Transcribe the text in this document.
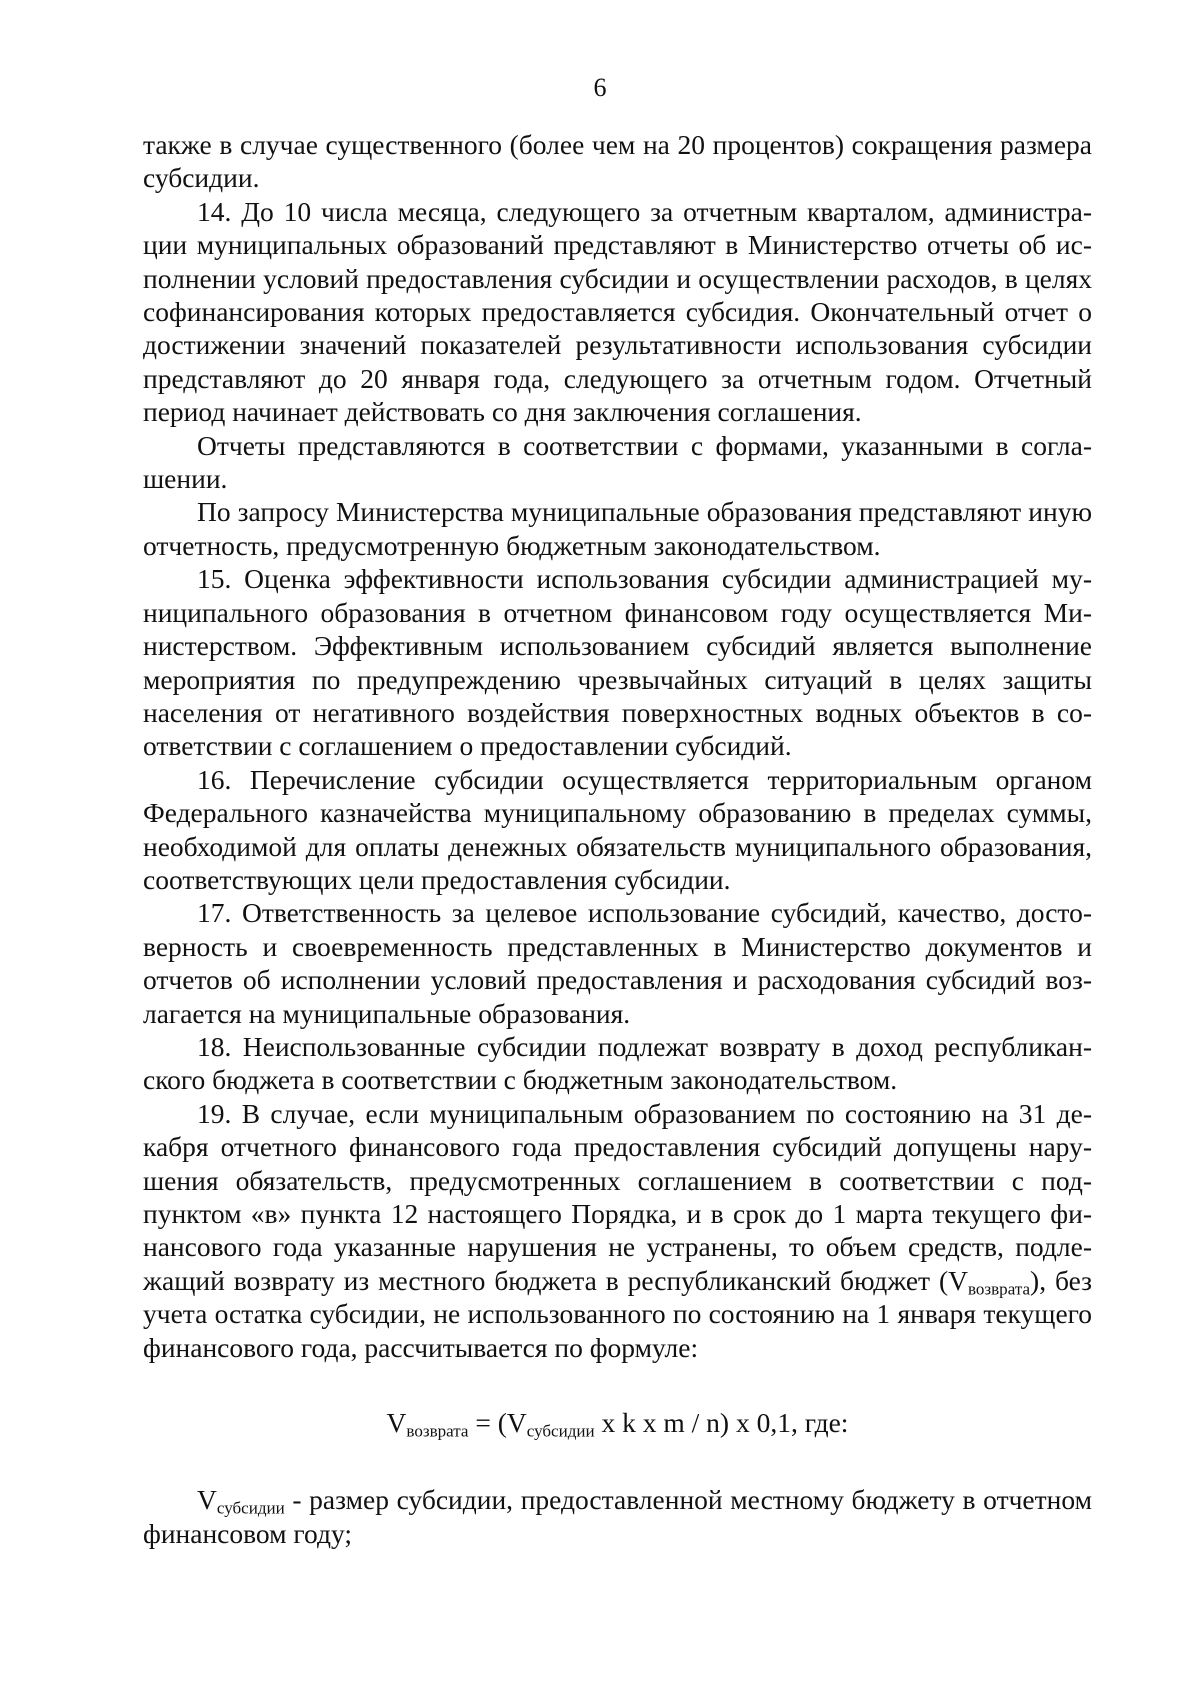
6

также в случае существенного (более чем на 20 процентов) сокращения размера субсидии.

14. До 10 числа месяца, следующего за отчетным кварталом, администрации муниципальных образований представляют в Министерство отчеты об исполнении условий предоставления субсидии и осуществлении расходов, в целях софинансирования которых предоставляется субсидия. Окончательный отчет о достижении значений показателей результативности использования субсидии представляют до 20 января года, следующего за отчетным годом. Отчетный период начинает действовать со дня заключения соглашения.

Отчеты представляются в соответствии с формами, указанными в соглашении.

По запросу Министерства муниципальные образования представляют иную отчетность, предусмотренную бюджетным законодательством.

15. Оценка эффективности использования субсидии администрацией муниципального образования в отчетном финансовом году осуществляется Министерством. Эффективным использованием субсидий является выполнение мероприятия по предупреждению чрезвычайных ситуаций в целях защиты населения от негативного воздействия поверхностных водных объектов в соответствии с соглашением о предоставлении субсидий.

16. Перечисление субсидии осуществляется территориальным органом Федерального казначейства муниципальному образованию в пределах суммы, необходимой для оплаты денежных обязательств муниципального образования, соответствующих цели предоставления субсидии.

17. Ответственность за целевое использование субсидий, качество, достоверность и своевременность представленных в Министерство документов и отчетов об исполнении условий предоставления и расходования субсидий возлагается на муниципальные образования.

18. Неиспользованные субсидии подлежат возврату в доход республиканского бюджета в соответствии с бюджетным законодательством.

19. В случае, если муниципальным образованием по состоянию на 31 декабря отчетного финансового года предоставления субсидий допущены нарушения обязательств, предусмотренных соглашением в соответствии с подпунктом «в» пункта 12 настоящего Порядка, и в срок до 1 марта текущего финансового года указанные нарушения не устранены, то объем средств, подлежащий возврату из местного бюджета в республиканский бюджет $(V_{возврата})$, без учета остатка субсидии, не использованного по состоянию на 1 января текущего финансового года, рассчитывается по формуле:

$V_{возврата} = (V_{субсидии}$ x k x m / n) x 0,1, где:

$V_{субсидии}$ - размер субсидии, предоставленной местному бюджету в отчетном финансовом году;
